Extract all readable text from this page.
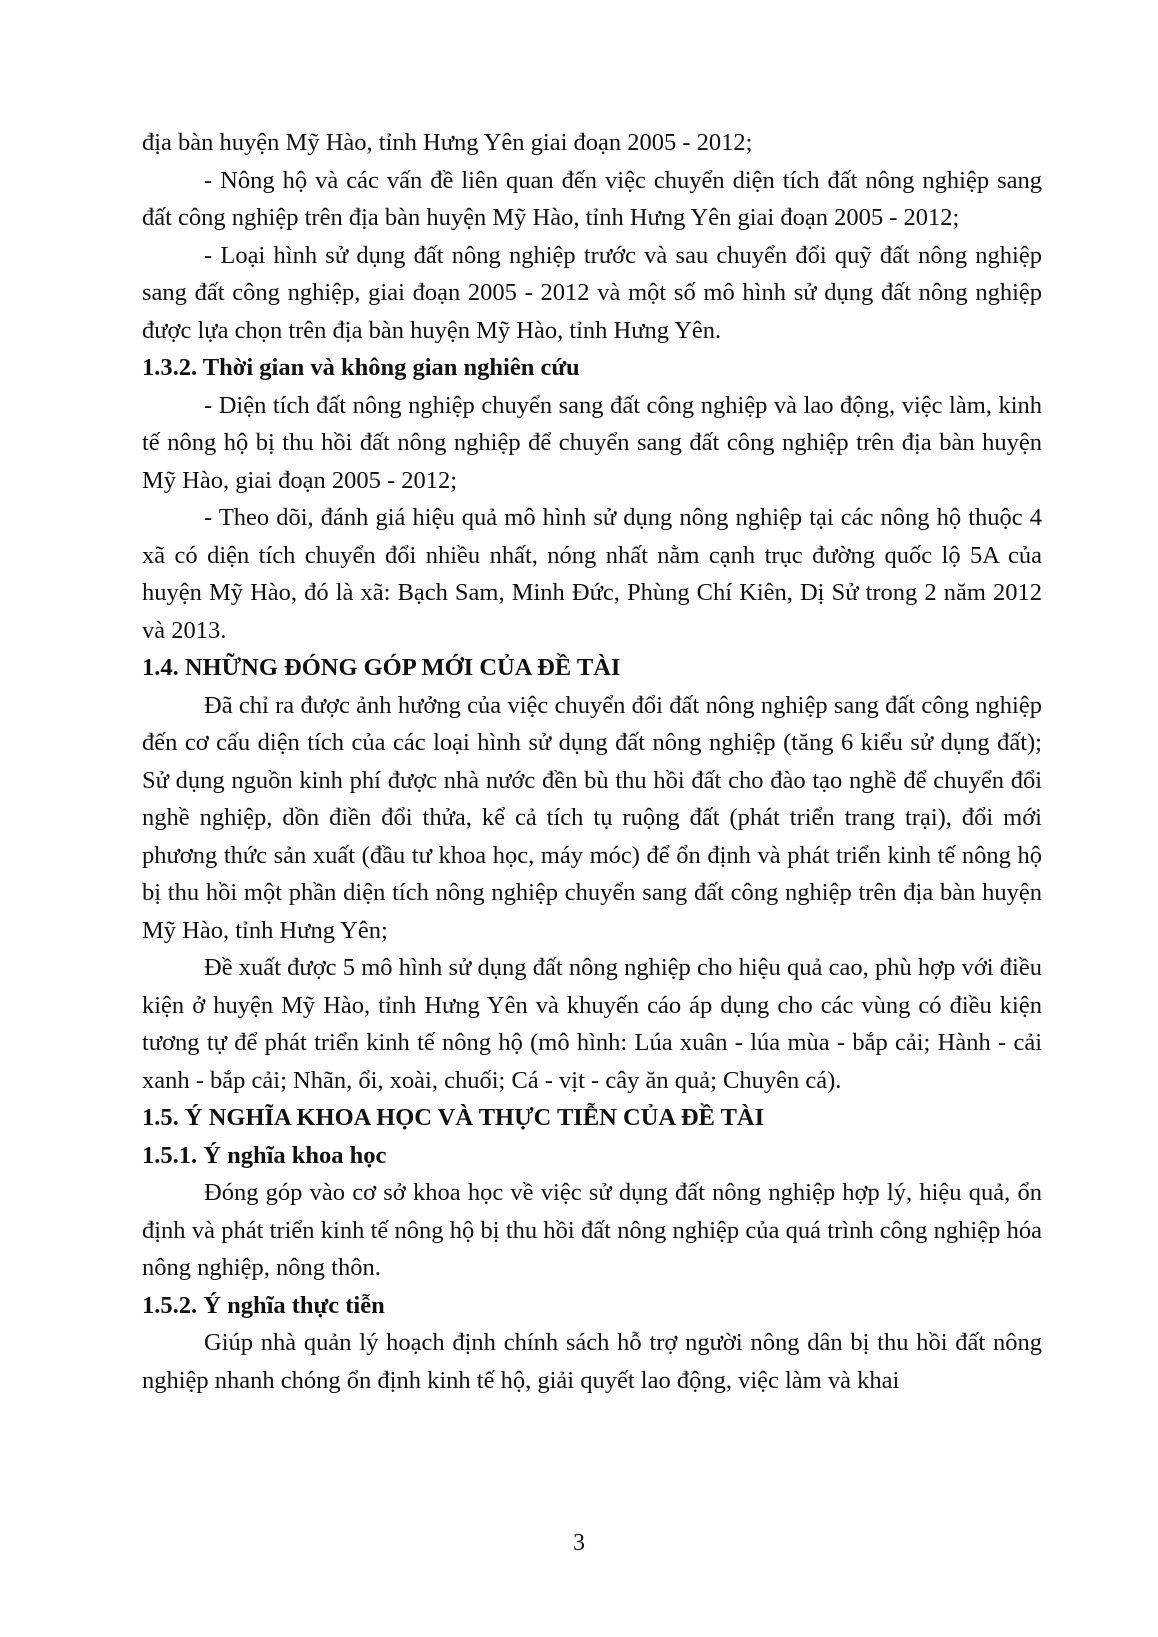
địa bàn huyện Mỹ Hào, tỉnh Hưng Yên giai đoạn 2005 - 2012;

- Nông hộ và các vấn đề liên quan đến việc chuyển diện tích đất nông nghiệp sang đất công nghiệp trên địa bàn huyện Mỹ Hào, tỉnh Hưng Yên giai đoạn 2005 - 2012;

- Loại hình sử dụng đất nông nghiệp trước và sau chuyển đổi quỹ đất nông nghiệp sang đất công nghiệp, giai đoạn 2005 - 2012 và một số mô hình sử dụng đất nông nghiệp được lựa chọn trên địa bàn huyện Mỹ Hào, tỉnh Hưng Yên.

1.3.2. Thời gian và không gian nghiên cứu

- Diện tích đất nông nghiệp chuyển sang đất công nghiệp và lao động, việc làm, kinh tế nông hộ bị thu hồi đất nông nghiệp để chuyển sang đất công nghiệp trên địa bàn huyện Mỹ Hào, giai đoạn 2005 - 2012;

- Theo dõi, đánh giá hiệu quả mô hình sử dụng nông nghiệp tại các nông hộ thuộc 4 xã có diện tích chuyển đổi nhiều nhất, nóng nhất nằm cạnh trục đường quốc lộ 5A của huyện Mỹ Hào, đó là xã: Bạch Sam, Minh Đức, Phùng Chí Kiên, Dị Sử trong 2 năm 2012 và 2013.

1.4. NHỮNG ĐÓNG GÓP MỚI CỦA ĐỀ TÀI

Đã chỉ ra được ảnh hưởng của việc chuyển đổi đất nông nghiệp sang đất công nghiệp đến cơ cấu diện tích của các loại hình sử dụng đất nông nghiệp (tăng 6 kiểu sử dụng đất); Sử dụng nguồn kinh phí được nhà nước đền bù thu hồi đất cho đào tạo nghề để chuyển đổi nghề nghiệp, dồn điền đổi thửa, kể cả tích tụ ruộng đất (phát triển trang trại), đổi mới phương thức sản xuất (đầu tư khoa học, máy móc) để ổn định và phát triển kinh tế nông hộ bị thu hồi một phần diện tích nông nghiệp chuyển sang đất công nghiệp trên địa bàn huyện Mỹ Hào, tỉnh Hưng Yên;

Đề xuất được 5 mô hình sử dụng đất nông nghiệp cho hiệu quả cao, phù hợp với điều kiện ở huyện Mỹ Hào, tỉnh Hưng Yên và khuyến cáo áp dụng cho các vùng có điều kiện tương tự để phát triển kinh tế nông hộ (mô hình: Lúa xuân - lúa mùa - bắp cải; Hành - cải xanh - bắp cải; Nhãn, ổi, xoài, chuối; Cá - vịt - cây ăn quả; Chuyên cá).

1.5. Ý NGHĨA KHOA HỌC VÀ THỰC TIỄN CỦA ĐỀ TÀI

1.5.1. Ý nghĩa khoa học

Đóng góp vào cơ sở khoa học về việc sử dụng đất nông nghiệp hợp lý, hiệu quả, ổn định và phát triển kinh tế nông hộ bị thu hồi đất nông nghiệp của quá trình công nghiệp hóa nông nghiệp, nông thôn.

1.5.2. Ý nghĩa thực tiễn

Giúp nhà quản lý hoạch định chính sách hỗ trợ người nông dân bị thu hồi đất nông nghiệp nhanh chóng ổn định kinh tế hộ, giải quyết lao động, việc làm và khai

3
